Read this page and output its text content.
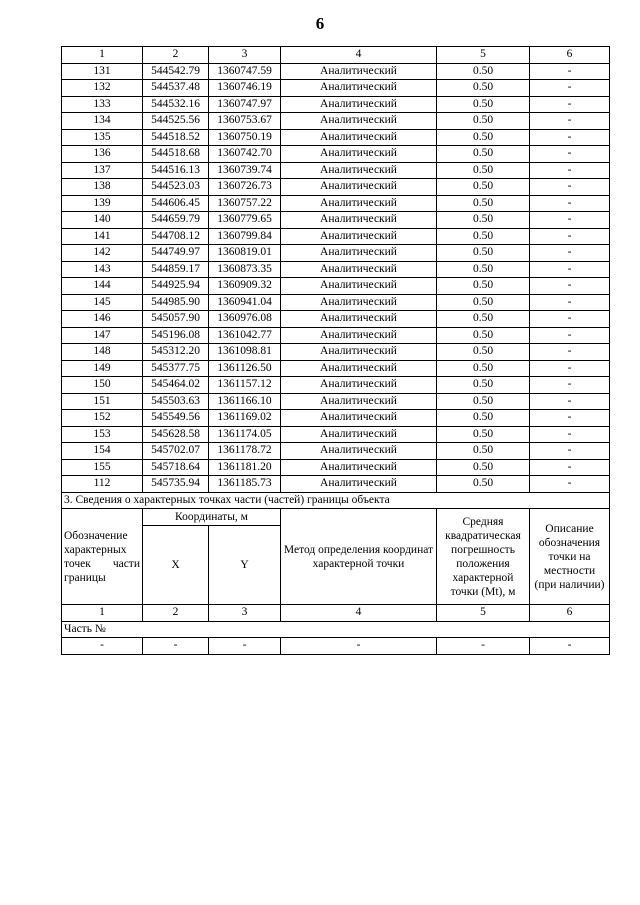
6
1	2	3	4	5	6
131	544542.79	1360747.59	Аналитический	0.50	-
132	544537.48	1360746.19	Аналитический	0.50	-
133	544532.16	1360747.97	Аналитический	0.50	-
134	544525.56	1360753.67	Аналитический	0.50	-
135	544518.52	1360750.19	Аналитический	0.50	-
136	544518.68	1360742.70	Аналитический	0.50	-
137	544516.13	1360739.74	Аналитический	0.50	-
138	544523.03	1360726.73	Аналитический	0.50	-
139	544606.45	1360757.22	Аналитический	0.50	-
140	544659.79	1360779.65	Аналитический	0.50	-
141	544708.12	1360799.84	Аналитический	0.50	-
142	544749.97	1360819.01	Аналитический	0.50	-
143	544859.17	1360873.35	Аналитический	0.50	-
144	544925.94	1360909.32	Аналитический	0.50	-
145	544985.90	1360941.04	Аналитический	0.50	-
146	545057.90	1360976.08	Аналитический	0.50	-
147	545196.08	1361042.77	Аналитический	0.50	-
148	545312.20	1361098.81	Аналитический	0.50	-
149	545377.75	1361126.50	Аналитический	0.50	-
150	545464.02	1361157.12	Аналитический	0.50	-
151	545503.63	1361166.10	Аналитический	0.50	-
152	545549.56	1361169.02	Аналитический	0.50	-
153	545628.58	1361174.05	Аналитический	0.50	-
154	545702.07	1361178.72	Аналитический	0.50	-
155	545718.64	1361181.20	Аналитический	0.50	-
112	545735.94	1361185.73	Аналитический	0.50	-
3. Сведения о характерных точках части (частей) границы объекта					
Обозначение характерных точек части границы	Координаты, м		Метод определения координат характерной точки	Средняя квадратическая погрешность положения характерной точки (Mt), м	Описание обозначения точки на местности (при наличии)
	X	Y			
1	2	3	4	5	6
Часть №					
-	-	-	-	-	-
